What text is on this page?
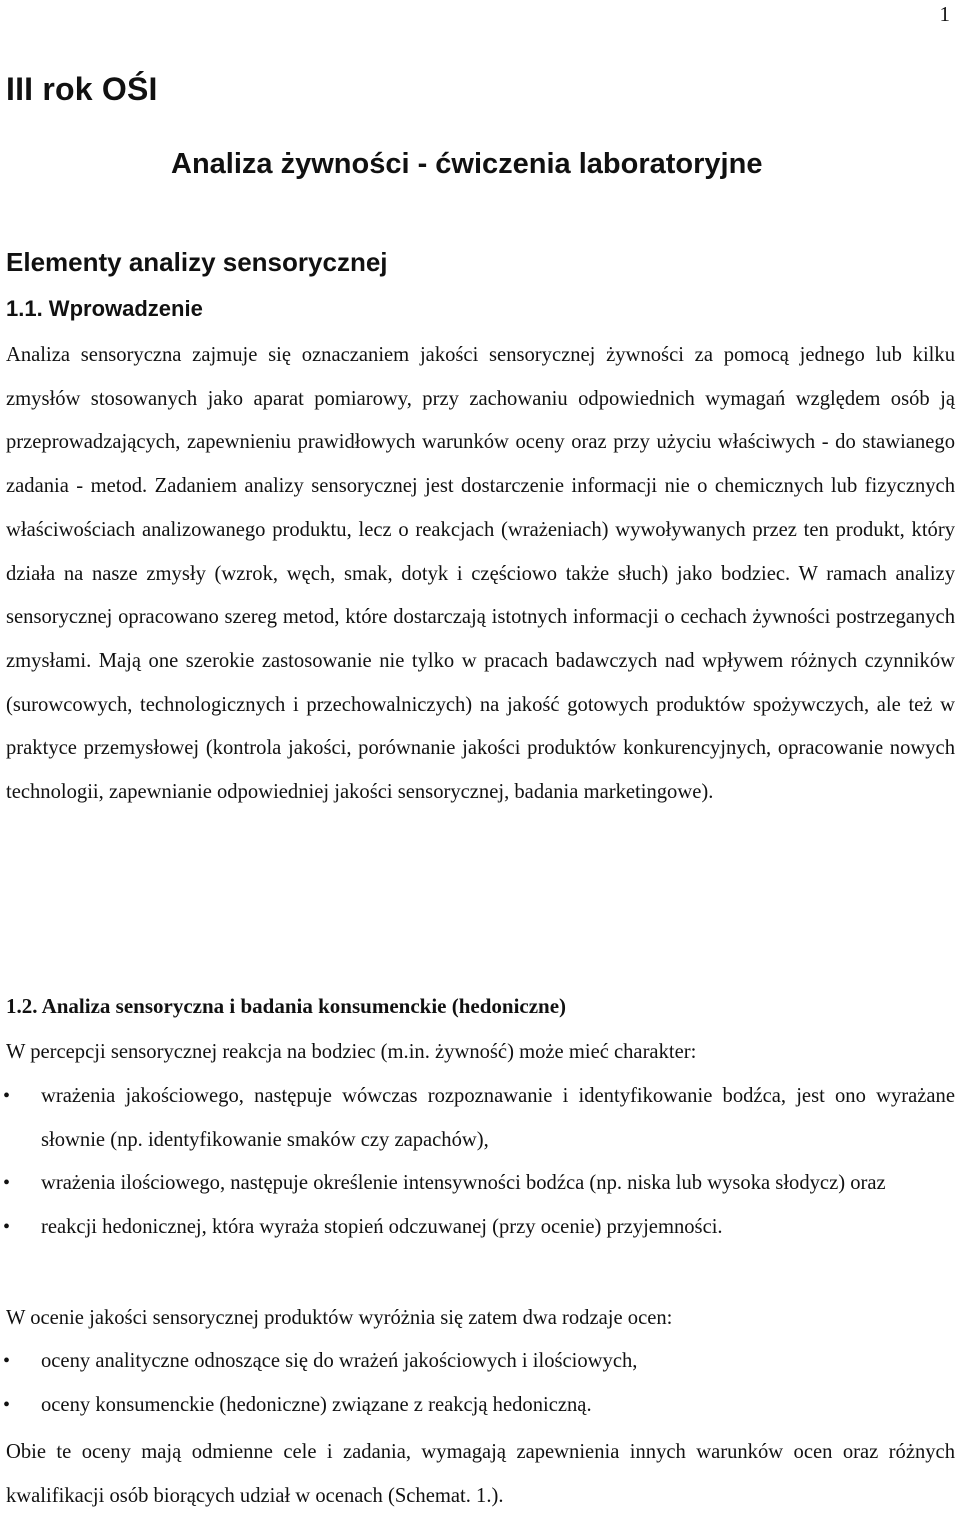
1
III rok OŚI
Analiza żywności - ćwiczenia laboratoryjne
Elementy analizy sensorycznej
1.1. Wprowadzenie

Analiza sensoryczna zajmuje się oznaczaniem jakości sensorycznej żywności za pomocą jednego lub kilku zmysłów stosowanych jako aparat pomiarowy, przy zachowaniu odpowiednich wymagań względem osób ją przeprowadzających, zapewnieniu prawidłowych warunków oceny oraz przy użyciu właściwych - do stawianego zadania - metod. Zadaniem analizy sensorycznej jest dostarczenie informacji nie o chemicznych lub fizycznych właściwościach analizowanego produktu, lecz o reakcjach (wrażeniach) wywoływanych przez ten produkt, który działa na nasze zmysły (wzrok, węch, smak, dotyk i częściowo także słuch) jako bodziec. W ramach analizy sensorycznej opracowano szereg metod, które dostarczają istotnych informacji o cechach żywności postrzeganych zmysłami. Mają one szerokie zastosowanie nie tylko w pracach badawczych nad wpływem różnych czynników (surowcowych, technologicznych i przechowalniczych) na jakość gotowych produktów spożywczych, ale też w praktyce przemysłowej (kontrola jakości, porównanie jakości produktów konkurencyjnych, opracowanie nowych technologii, zapewnianie odpowiedniej jakości sensorycznej, badania marketingowe).

1.2. Analiza sensoryczna i badania konsumenckie (hedoniczne)

W percepcji sensorycznej reakcja na bodziec (m.in. żywność) może mieć charakter:

• wrażenia jakościowego, następuje wówczas rozpoznawanie i identyfikowanie bodźca, jest ono wyrażane słownie (np. identyfikowanie smaków czy zapachów),
• wrażenia ilościowego, następuje określenie intensywności bodźca (np. niska lub wysoka słodycz) oraz
• reakcji hedonicznej, która wyraża stopień odczuwanej (przy ocenie) przyjemności.

W ocenie jakości sensorycznej produktów wyróżnia się zatem dwa rodzaje ocen:

• oceny analityczne odnoszące się do wrażeń jakościowych i ilościowych,
• oceny konsumenckie (hedoniczne) związane z reakcją hedoniczną.

Obie te oceny mają odmienne cele i zadania, wymagają zapewnienia innych warunków ocen oraz różnych kwalifikacji osób biorących udział w ocenach (Schemat. 1.).
